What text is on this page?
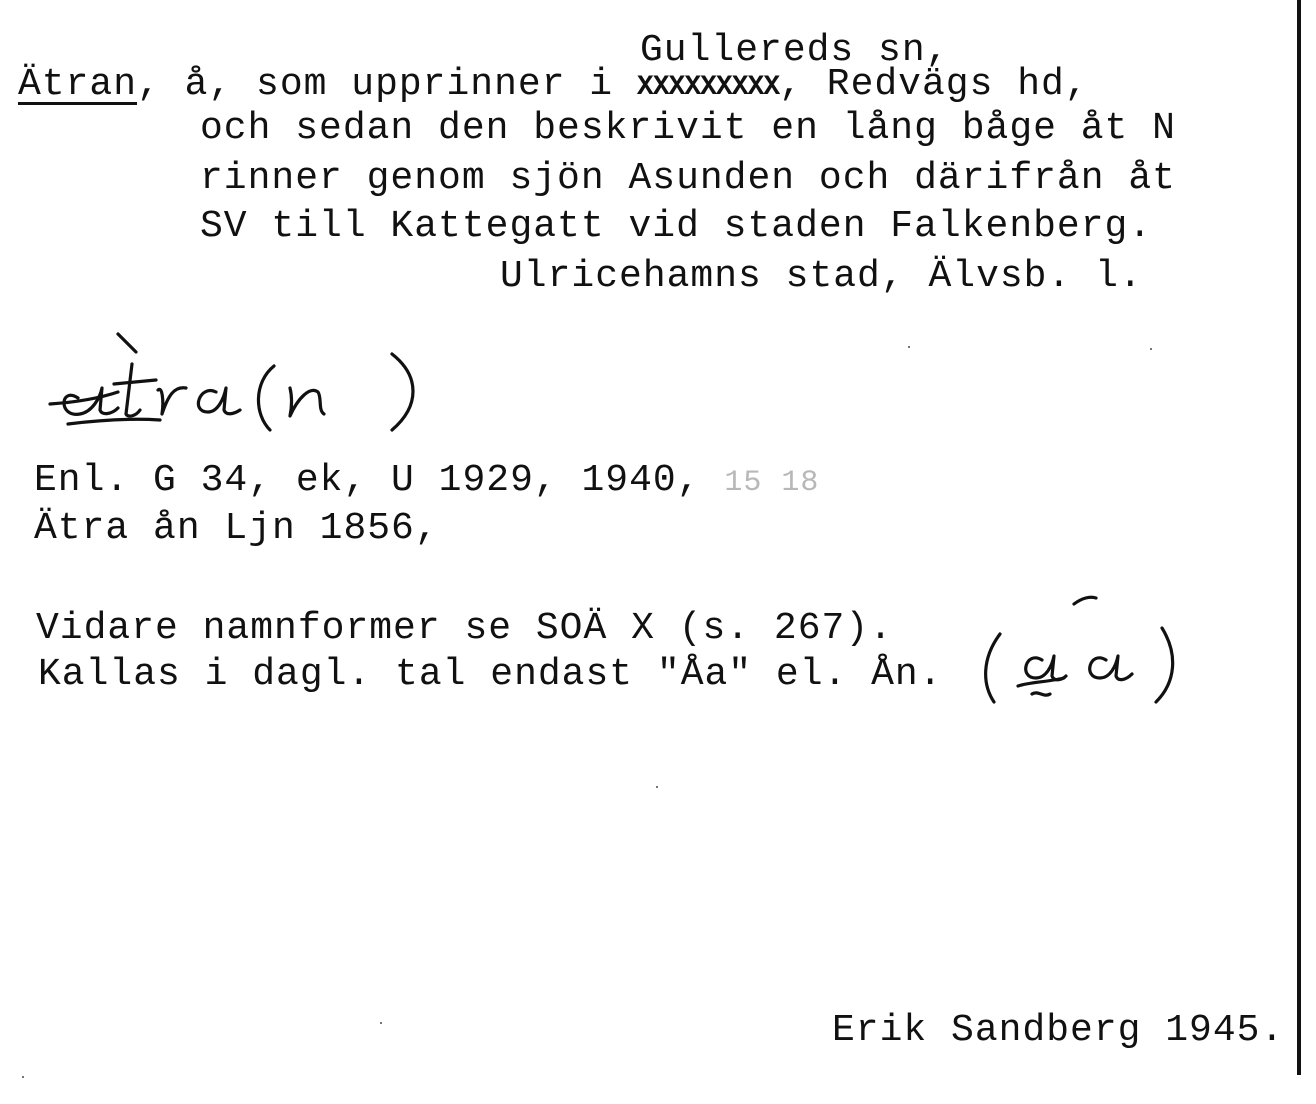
Gullereds sn,
Ätran, å, som upprinner i XXXXXXXXX, Redvägs hd,
och sedan den beskrivit en lång båge åt N
rinner genom sjön Asunden och därifrån åt
SV till Kattegatt vid staden Falkenberg.
Ulricehamns stad, Älvsb. l.
Enl. G 34, ek, U 1929, 1940, 15 18
Ätra ån Ljn 1856,
Vidare namnformer se SOÄ X (s. 267).
Kallas i dagl. tal endast "Åa" el. Ån.
Erik Sandberg 1945.
